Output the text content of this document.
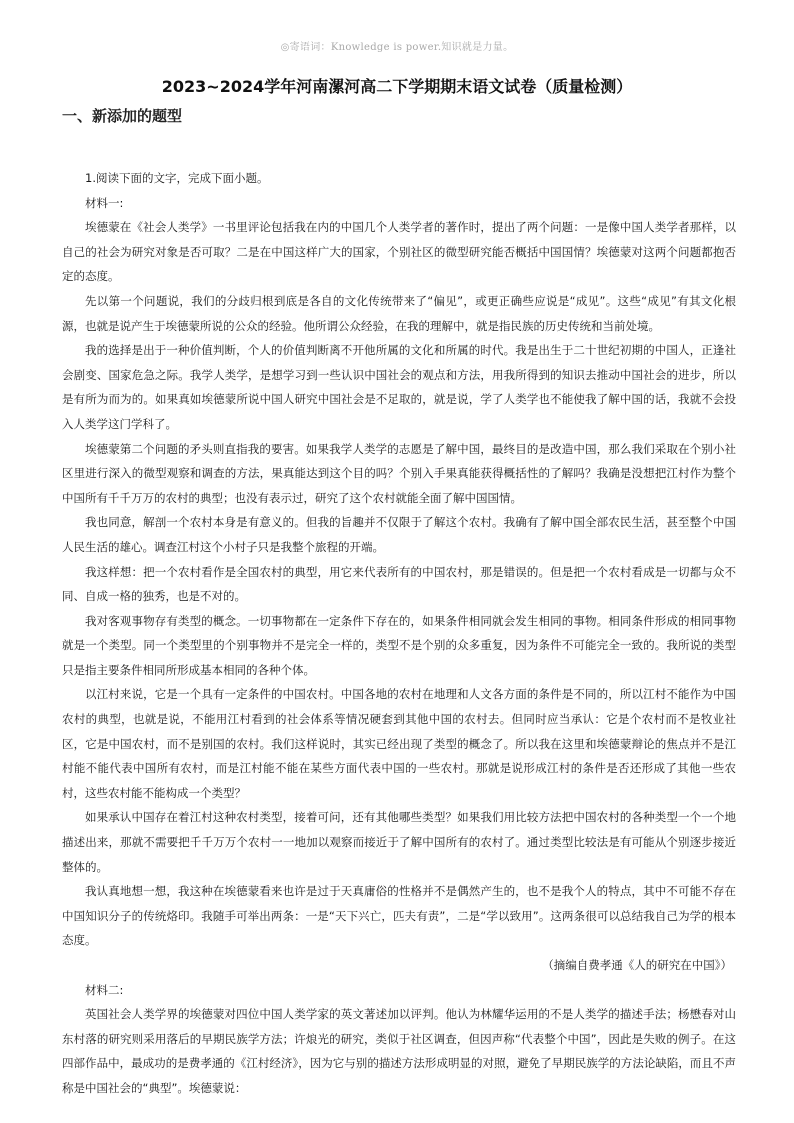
◎寄语词：Knowledge is power.知识就是力量。
2023~2024学年河南漯河高二下学期期末语文试卷（质量检测）
一、新添加的题型

1.阅读下面的文字，完成下面小题。

材料一:

埃德蒙在《社会人类学》一书里评论包括我在内的中国几个人类学者的著作时，提出了两个问题：一是像中国人类学者那样，以自己的社会为研究对象是否可取？二是在中国这样广大的国家，个别社区的微型研究能否概括中国国情？埃德蒙对这两个问题都抱否定的态度。

先以第一个问题说，我们的分歧归根到底是各自的文化传统带来了“偏见”，或更正确些应说是“成见”。这些“成见”有其文化根源，也就是说产生于埃德蒙所说的公众的经验。他所谓公众经验，在我的理解中，就是指民族的历史传统和当前处境。

我的选择是出于一种价值判断，个人的价值判断离不开他所属的文化和所属的时代。我是出生于二十世纪初期的中国人，正逢社会剧变、国家危急之际。我学人类学，是想学习到一些认识中国社会的观点和方法，用我所得到的知识去推动中国社会的进步，所以是有所为而为的。如果真如埃德蒙所说中国人研究中国社会是不足取的，就是说，学了人类学也不能使我了解中国的话，我就不会投入人类学这门学科了。

埃德蒙第二个问题的矛头则直指我的要害。如果我学人类学的志愿是了解中国，最终目的是改造中国，那么我们采取在个别小社区里进行深入的微型观察和调查的方法，果真能达到这个目的吗？个别入手果真能获得概括性的了解吗？我确是没想把江村作为整个中国所有千千万万的农村的典型；也没有表示过，研究了这个农村就能全面了解中国国情。

我也同意，解剖一个农村本身是有意义的。但我的旨趣并不仅限于了解这个农村。我确有了解中国全部农民生活，甚至整个中国人民生活的雄心。调查江村这个小村子只是我整个旅程的开端。

我这样想：把一个农村看作是全国农村的典型，用它来代表所有的中国农村，那是错误的。但是把一个农村看成是一切都与众不同、自成一格的独秀，也是不对的。

我对客观事物存有类型的概念。一切事物都在一定条件下存在的，如果条件相同就会发生相同的事物。相同条件形成的相同事物就是一个类型。同一个类型里的个别事物并不是完全一样的，类型不是个别的众多重复，因为条件不可能完全一致的。我所说的类型只是指主要条件相同所形成基本相同的各种个体。

以江村来说，它是一个具有一定条件的中国农村。中国各地的农村在地理和人文各方面的条件是不同的，所以江村不能作为中国农村的典型，也就是说，不能用江村看到的社会体系等情况硬套到其他中国的农村去。但同时应当承认：它是个农村而不是牧业社区，它是中国农村，而不是别国的农村。我们这样说时，其实已经出现了类型的概念了。所以我在这里和埃德蒙辩论的焦点并不是江村能不能代表中国所有农村，而是江村能不能在某些方面代表中国的一些农村。那就是说形成江村的条件是否还形成了其他一些农村，这些农村能不能构成一个类型？

如果承认中国存在着江村这种农村类型，接着可问，还有其他哪些类型？如果我们用比较方法把中国农村的各种类型一个一个地描述出来，那就不需要把千千万万个农村一一地加以观察而接近于了解中国所有的农村了。通过类型比较法是有可能从个别逐步接近整体的。

我认真地想一想，我这种在埃德蒙看来也许是过于天真庸俗的性格并不是偶然产生的，也不是我个人的特点，其中不可能不存在中国知识分子的传统烙印。我随手可举出两条：一是“天下兴亡，匹夫有责”，二是“学以致用”。这两条很可以总结我自己为学的根本态度。

（摘编自费孝通《人的研究在中国》）

材料二:

英国社会人类学界的埃德蒙对四位中国人类学家的英文著述加以评判。他认为林耀华运用的不是人类学的描述手法；杨懋春对山东村落的研究则采用落后的早期民族学方法；许烺光的研究，类似于社区调查，但因声称“代表整个中国”，因此是失败的例子。在这四部作品中，最成功的是费孝通的《江村经济》，因为它与别的描述方法形成明显的对照，避免了早期民族学的方法论缺陷，而且不声称是中国社会的“典型”。埃德蒙说：
